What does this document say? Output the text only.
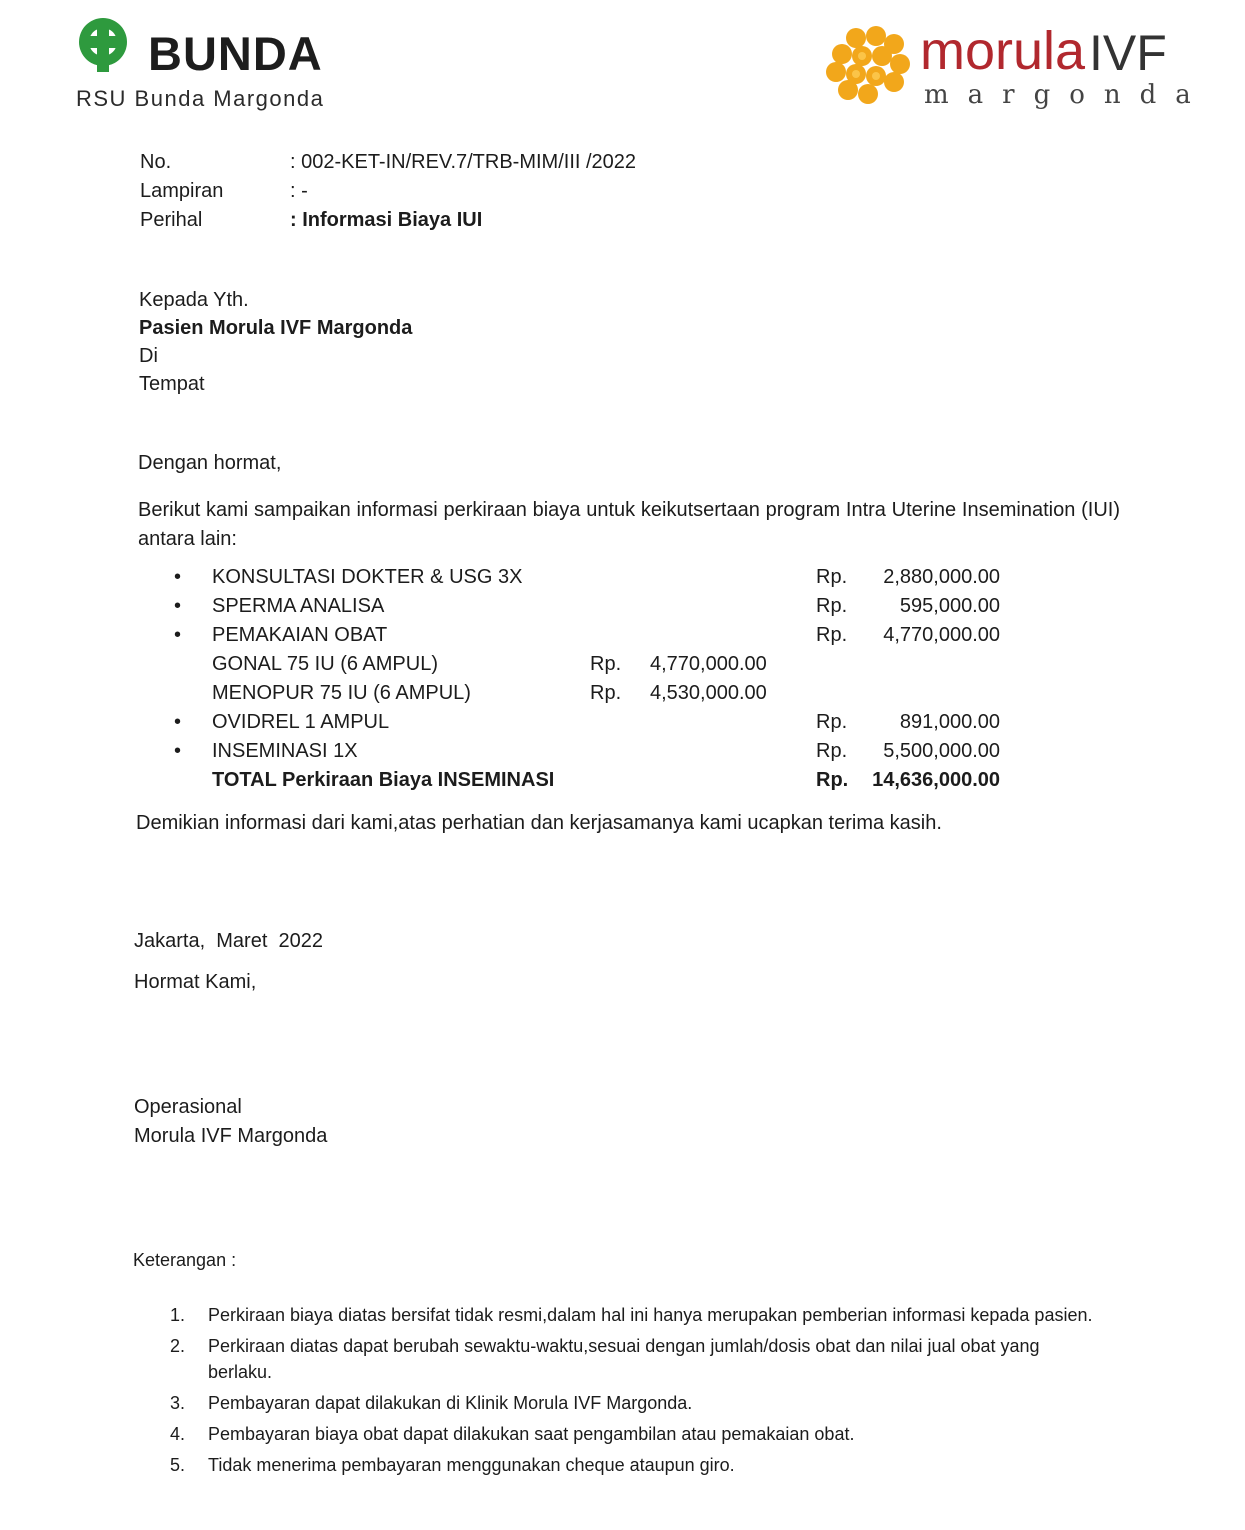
BUNDA
RSU Bunda Margonda
morula IVF
margonda
No.	: 002-KET-IN/REV.7/TRB-MIM/III /2022
Lampiran	: -
Perihal	: Informasi Biaya IUI
Kepada Yth.
Pasien Morula IVF Margonda
Di
Tempat
Dengan hormat,
Berikut kami sampaikan informasi perkiraan biaya untuk keikutsertaan program Intra Uterine Insemination (IUI) antara lain:
• KONSULTASI DOKTER & USG 3X	Rp. 2,880,000.00
• SPERMA ANALISA	Rp.	595,000.00
• PEMAKAIAN OBAT	Rp. 4,770,000.00
GONAL 75 IU (6 AMPUL)	Rp. 4,770,000.00
MENOPUR 75 IU (6 AMPUL)	Rp. 4,530,000.00
• OVIDREL 1 AMPUL	Rp.	891,000.00
• INSEMINASI 1X	Rp. 5,500,000.00
TOTAL Perkiraan Biaya INSEMINASI	Rp. 14,636,000.00
Demikian informasi dari kami,atas perhatian dan kerjasamanya kami ucapkan terima kasih.
Jakarta,  Maret  2022
Hormat Kami,
Operasional
Morula IVF Margonda
Keterangan :
1. Perkiraan biaya diatas bersifat tidak resmi,dalam hal ini hanya merupakan pemberian informasi kepada pasien.
2. Perkiraan diatas dapat berubah sewaktu-waktu,sesuai dengan jumlah/dosis obat dan nilai jual obat yang berlaku.
3. Pembayaran dapat dilakukan di Klinik Morula IVF Margonda.
4. Pembayaran biaya obat dapat dilakukan saat pengambilan atau pemakaian obat.
5. Tidak menerima pembayaran menggunakan cheque ataupun giro.
